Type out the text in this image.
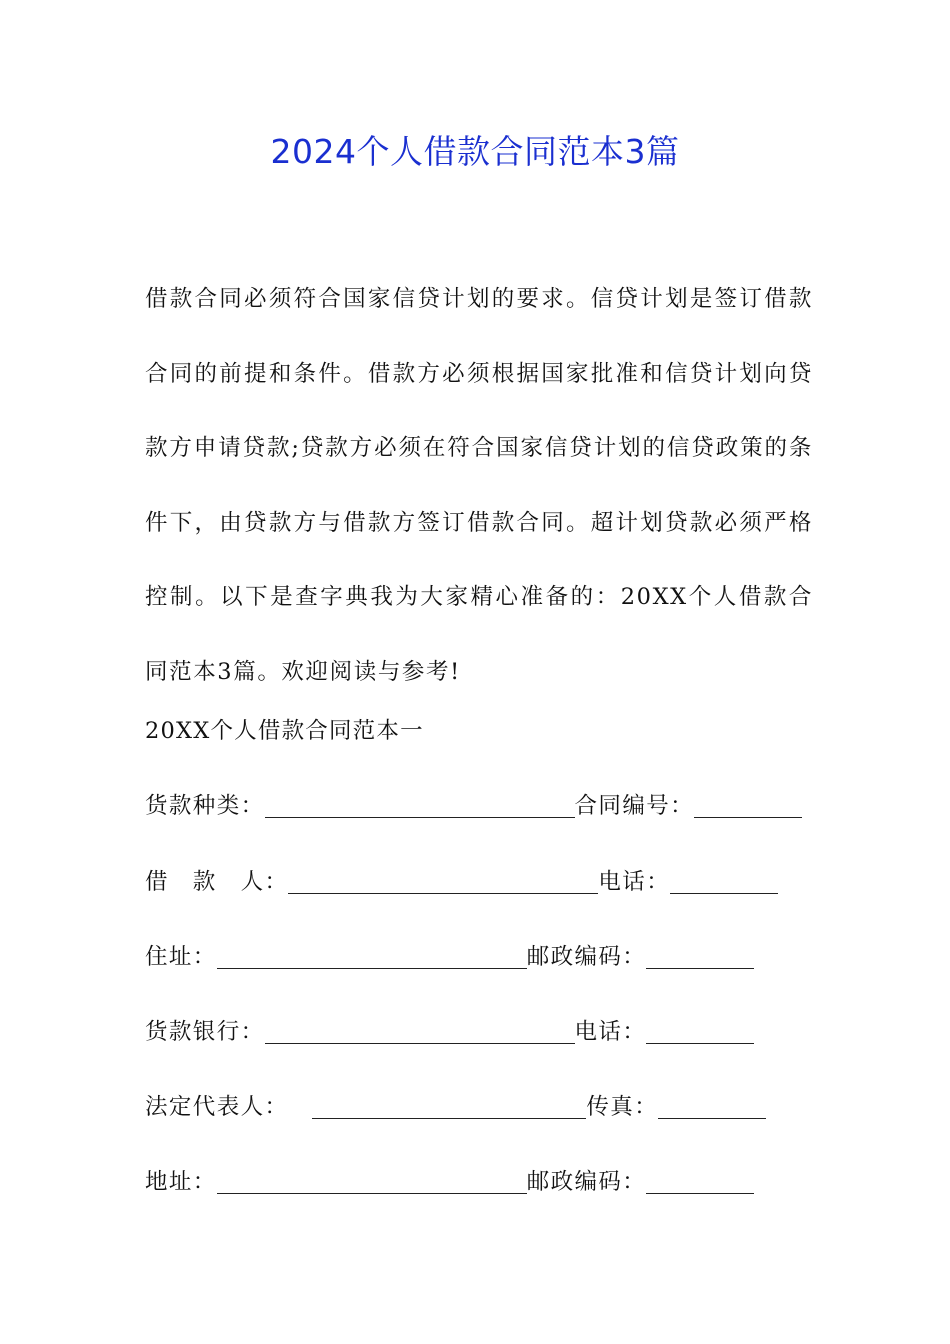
2024个人借款合同范本3篇

借款合同必须符合国家信贷计划的要求。信贷计划是签订借款合同的前提和条件。借款方必须根据国家批准和信贷计划向贷款方申请贷款;贷款方必须在符合国家信贷计划的信贷政策的条件下，由贷款方与借款方签订借款合同。超计划贷款必须严格控制。以下是查字典我为大家精心准备的：20XX个人借款合同范本3篇。欢迎阅读与参考!

20XX个人借款合同范本一

货款种类：	合同编号：
借　款　人：	电话：
住址：	邮政编码：
货款银行：	电话：
法定代表人：	传真：
地址：	邮政编码：
